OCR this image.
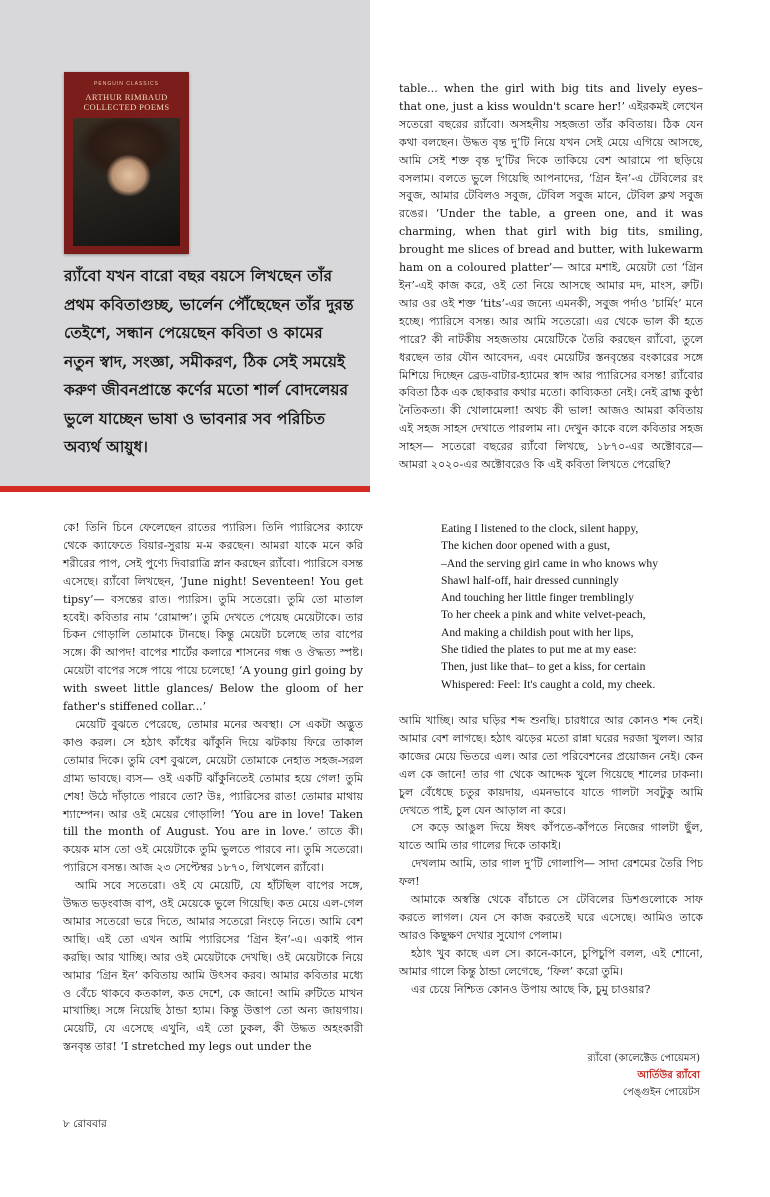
PENGUIN CLASSICS
ARTHUR RIMBAUD
COLLECTED POEMS
র‍্যাঁবো যখন বারো বছর বয়সে লিখছেন তাঁর প্রথম কবিতাগুচ্ছ, ভার্লেন পৌঁছেছেন তাঁর দুরন্ত তেইশে, সন্ধান পেয়েছেন কবিতা ও কামের নতুন স্বাদ, সংজ্ঞা, সমীকরণ, ঠিক সেই সময়েই করুণ জীবনপ্রান্তে কর্ণের মতো শার্ল বোদলেয়র ভুলে যাচ্ছেন ভাষা ও ভাবনার সব পরিচিত অব্যর্থ আয়ুধ।

কে! তিনি চিনে ফেলেছেন রাতের প্যারিস। তিনি প্যারিসের ক্যাফে থেকে ক্যাফেতে বিয়ার-সুরায় ম-ম করছেন। আমরা যাকে মনে করি শরীরের পাপ, সেই পুণ্যে দিবারাত্রি স্নান করছেন র‍্যাঁবো। প্যারিসে বসন্ত এসেছে। র‍্যাঁবো লিখছেন, ‘June night! Seventeen! You get tipsy’— বসন্তের রাত। প্যারিস। তুমি সতেরো। তুমি তো মাতাল হবেই। কবিতার নাম ‘রোমান্স’। তুমি দেখতে পেয়েছ মেয়েটাকে। তার চিকন গোড়ালি তোমাকে টানছে। কিন্তু মেয়েটা চলেছে তার বাপের সঙ্গে। কী আপদ! বাপের শার্টের কলারে শাসনের গন্ধ ও ঔদ্ধত্য স্পষ্ট। মেয়েটা বাপের সঙ্গে পায়ে পায়ে চলেছে! ‘A young girl going by with sweet little glances/ Below the gloom of her father's stiffened collar...’

মেয়েটি বুঝতে পেরেছে, তোমার মনের অবস্থা। সে একটা অদ্ভুত কাণ্ড করল। সে হঠাৎ কাঁধের ঝাঁকুনি দিয়ে ঝটকায় ফিরে তাকাল তোমার দিকে। তুমি বেশ বুঝলে, মেয়েটা তোমাকে নেহাত সহজ-সরল গ্রাম্য ভাবছে। ব্যস— ওই একটি ঝাঁকুনিতেই তোমার হয়ে গেল! তুমি শেষ! উঠে দাঁড়াতে পারবে তো? উঃ, প্যারিসের রাত! তোমার মাথায় শ্যাম্পেন। আর ওই মেয়ের গোড়ালি! ‘You are in love! Taken till the month of August. You are in love.’ তাতে কী। কয়েক মাস তো ওই মেয়েটাকে তুমি ভুলতে পারবে না। তুমি সতেরো। প্যারিসে বসন্ত। আজ ২৩ সেপ্টেম্বর ১৮৭০, লিখলেন র‍্যাঁবো।

আমি সবে সতেরো। ওই যে মেয়েটি, যে হাঁটছিল বাপের সঙ্গে, উদ্ধত ভড়ংবাজ বাপ, ওই মেয়েকে ভুলে গিয়েছি। কত মেয়ে এল-গেল আমার সতেরো ভরে দিতে, আমার সতেরো নিংড়ে নিতে। আমি বেশ আছি। এই তো এখন আমি প্যারিসের ‘গ্রিন ইন’-এ। একাই পান করছি। আর খাচ্ছি। আর ওই মেয়েটাকে দেখছি। ওই মেয়েটাকে নিয়ে আমার ‘গ্রিন ইন’ কবিতায় আমি উৎসব করব। আমার কবিতার মধ্যে ও বেঁচে থাকবে কতকাল, কত দেশে, কে জানে! আমি রুটিতে মাখন মাখাচ্ছি। সঙ্গে নিয়েছি ঠান্ডা হ্যাম। কিন্তু উত্তাপ তো অন্য জায়গায়। মেয়েটি, যে এসেছে এখুনি, এই তো ঢুকল, কী উদ্ধত অহংকারী স্তনবৃন্ত তার! ‘I stretched my legs out under the

table... when the girl with big tits and lively eyes– that one, just a kiss wouldn't scare her!’ এইরকমই লেখেন সতেরো বছরের র‍্যাঁবো। অসহনীয় সহজতা তাঁর কবিতায়। ঠিক যেন কথা বলছেন। উদ্ধত বৃন্ত দু’টি নিয়ে যখন সেই মেয়ে এগিয়ে আসছে, আমি সেই শক্ত বৃন্ত দু’টির দিকে তাকিয়ে বেশ আরামে পা ছড়িয়ে বসলাম। বলতে ভুলে গিয়েছি আপনাদের, ‘গ্রিন ইন’-এ টেবিলের রং সবুজ, আমার টেবিলও সবুজ, টেবিল সবুজ মানে, টেবিল ক্লথ সবুজ রঙের। ‘Under the table, a green one, and it was charming, when that girl with big tits, smiling, brought me slices of bread and butter, with lukewarm ham on a coloured platter’— আরে মশাই, মেয়েটা তো ‘গ্রিন ইন’-এই কাজ করে, ওই তো নিয়ে আসছে আমার মদ, মাংস, রুটি। আর ওর ওই শক্ত ‘tits’-এর জন্যে এমনকী, সবুজ পর্দাও ‘চার্মিং’ মনে হচ্ছে। প্যারিসে বসন্ত। আর আমি সতেরো। এর থেকে ভাল কী হতে পারে? কী নাটকীয় সহজতায় মেয়েটিকে তৈরি করছেন র‍্যাঁবো, তুলে ধরছেন তার যৌন আবেদন, এবং মেয়েটির স্তনবৃন্তের বংকারের সঙ্গে মিশিয়ে দিচ্ছেন ব্রেড-বাটার-হ্যামের স্বাদ আর প্যারিসের বসন্ত! র‍্যাঁবোর কবিতা ঠিক এক ছোকরার কথার মতো। কাব্যিকতা নেই। নেই ব্রাহ্ম কুণ্ঠা নৈতিকতা। কী খোলামেলা! অথচ কী ভাল! আজও আমরা কবিতায় এই সহজ সাহস দেখাতে পারলাম না। দেখুন কাকে বলে কবিতার সহজ সাহস— সতেরো বছরের র‍্যাঁবো লিখছে, ১৮৭০-এর অক্টোবরে— আমরা ২০২০-এর অক্টোবরেও কি এই কবিতা লিখতে পেরেছি?

Eating I listened to the clock, silent happy,
The kichen door opened with a gust,
–And the serving girl came in who knows why
Shawl half-off, hair dressed cunningly
And touching her little finger tremblingly
To her cheek a pink and white velvet-peach,
And making a childish pout with her lips,
She tidied the plates to put me at my ease:
Then, just like that– to get a kiss, for certain
Whispered: Feel: It's caught a cold, my cheek.

আমি খাচ্ছি। আর ঘড়ির শব্দ শুনছি। চারধারে আর কোনও শব্দ নেই। আমার বেশ লাগছে। হঠাৎ ঝড়ের মতো রান্না ঘরের দরজা খুলল। আর কাজের মেয়ে ভিতরে এল। আর তো পরিবেশনের প্রয়োজন নেই। কেন এল কে জানে! তার গা থেকে আদ্দেক খুলে গিয়েছে শালের ঢাকনা। চুল বেঁধেছে চতুর কায়দায়, এমনভাবে যাতে গালটা সবটুকু আমি দেখতে পাই, চুল যেন আড়াল না করে।

সে কড়ে আঙুল দিয়ে ঈষৎ কাঁপতে-কাঁপতে নিজের গালটা ছুঁল, যাতে আমি তার গালের দিকে তাকাই।

দেখলাম আমি, তার গাল দু’টি গোলাপি— সাদা রেশমের তৈরি পিচ ফল!

আমাকে অস্বস্তি থেকে বাঁচাতে সে টেবিলের ডিশগুলোকে সাফ করতে লাগল। যেন সে কাজ করতেই ঘরে এসেছে। আমিও তাকে আরও কিছুক্ষণ দেখার সুযোগ পেলাম।

হঠাৎ খুব কাছে এল সে। কানে-কানে, চুপিচুপি বলল, এই শোনো, আমার গালে কিন্তু ঠান্ডা লেগেছে, ‘ফিল’ করো তুমি।

এর চেয়ে নিশ্চিত কোনও উপায় আছে কি, চুমু চাওয়ার?

র‍্যাঁবো (কালেক্টেড পোয়েমস)
আর্তিউর র‍্যাঁবো
পেঙ্গুইন পোয়েটস
৮ রোববার
